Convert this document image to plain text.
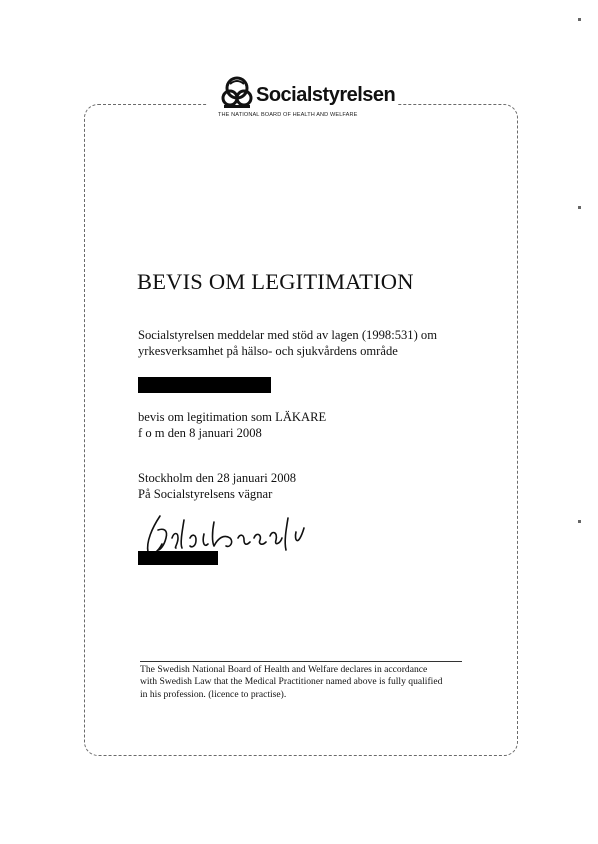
Socialstyrelsen
THE NATIONAL BOARD OF HEALTH AND WELFARE
BEVIS OM LEGITIMATION
Socialstyrelsen meddelar med stöd av lagen (1998:531) om
yrkesverksamhet på hälso- och sjukvårdens område
bevis om legitimation som LÄKARE
f o m den 8 januari 2008
Stockholm den 28 januari 2008
På Socialstyrelsens vägnar
The Swedish National Board of Health and Welfare declares in accordance
with Swedish Law that the Medical Practitioner named above is fully qualified
in his profession. (licence to practise).
